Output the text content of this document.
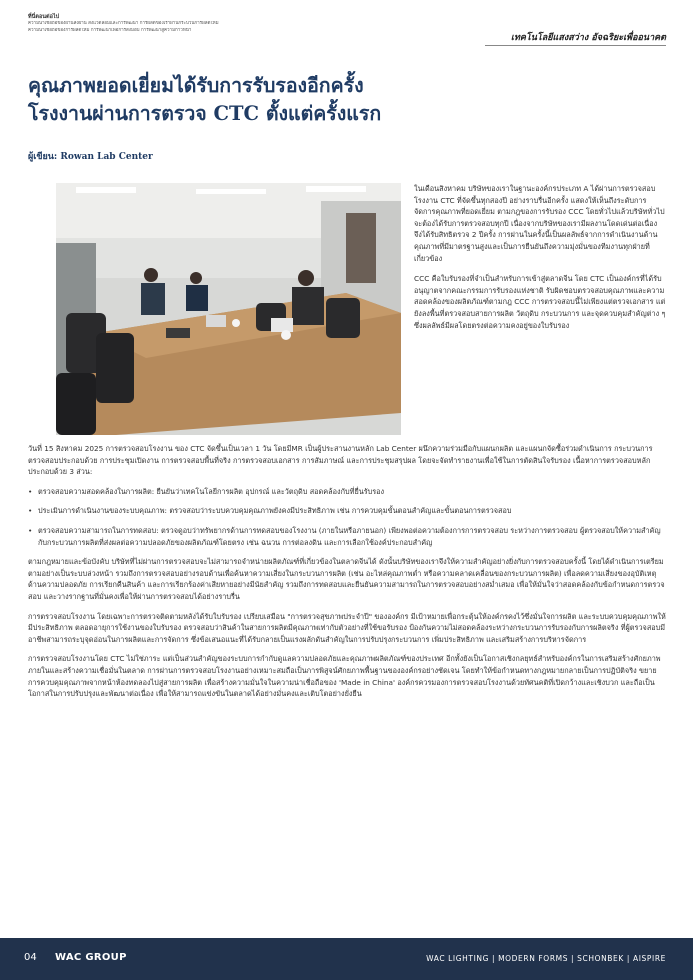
ที่นี่ตอนต่อไป
ความน่าเชื่อถือของผ่านสิ่งผ่าน สิ่งแวดล้อมและการพัฒนา การผลิตของเราผ่านกระบวนการผลิตใหม่
ความน่าเชื่อถือของการผลิตใหม่ การพัฒนาเพื่อการส่งมอบ การพัฒนาสู่ความก้าวหน้า
เทคโนโลยีแสงสว่าง อัจฉริยะเพื่ออนาคต
คุณภาพยอดเยี่ยมได้รับการรับรองอีกครั้ง
โรงงานผ่านการตรวจ CTC ตั้งแต่ครั้งแรก
ผู้เขียน: Rowan Lab Center

ในเดือนสิงหาคม บริษัทของเราในฐานะองค์กรประเภท A ได้ผ่านการตรวจสอบโรงงาน CTC ที่จัดขึ้นทุกสองปี อย่างราบรื่นอีกครั้ง แสดงให้เห็นถึงระดับการจัดการคุณภาพที่ยอดเยี่ยม ตามกฎของการรับรอง CCC โดยทั่วไปแล้วบริษัททั่วไปจะต้องได้รับการตรวจสอบทุกปี เนื่องจากบริษัทของเรามีผลงานโดดเด่นต่อเนื่อง จึงได้รับสิทธิตรวจ 2 ปีครั้ง การผ่านในครั้งนี้เป็นผลลัพธ์จากการดำเนินงานด้านคุณภาพที่มีมาตรฐานสูงและเป็นการยืนยันถึงความมุ่งมั่นของทีมงานทุกฝ่ายที่เกี่ยวข้อง

CCC คือใบรับรองที่จำเป็นสำหรับการเข้าสู่ตลาดจีน โดย CTC เป็นองค์กรที่ได้รับอนุญาตจากคณะกรรมการรับรองแห่งชาติ รับผิดชอบตรวจสอบคุณภาพและความสอดคล้องของผลิตภัณฑ์ตามกฎ CCC การตรวจสอบนี้ไม่เพียงแต่ตรวจเอกสาร แต่ยังลงพื้นที่ตรวจสอบสายการผลิต วัตถุดิบ กระบวนการ และจุดควบคุมสำคัญต่าง ๆ ซึ่งผลลัพธ์มีผลโดยตรงต่อความคงอยู่ของใบรับรอง

วันที่ 15 สิงหาคม 2025 การตรวจสอบโรงงาน ของ CTC จัดขึ้นเป็นเวลา 1 วัน โดยมีMR เป็นผู้ประสานงานหลัก Lab Center ผนึกความร่วมมือกับแผนกผลิต และแผนกจัดซื้อร่วมดำเนินการ กระบวนการตรวจสอบประกอบด้วย การประชุมเปิดงาน การตรวจสอบพื้นที่จริง การตรวจสอบเอกสาร การสัมภาษณ์ และการประชุมสรุปผล โดยจะจัดทำรายงานเพื่อใช้ในการตัดสินใจรับรอง เนื้อหาการตรวจสอบหลักประกอบด้วย 3 ส่วน:

• ตรวจสอบความสอดคล้องในการผลิต: ยืนยันว่าเทคโนโลยีการผลิต อุปกรณ์ และวัตถุดิบ สอดคล้องกับที่ยื่นรับรอง

• ประเมินการดำเนินงานของระบบคุณภาพ: ตรวจสอบว่าระบบควบคุมคุณภาพยังคงมีประสิทธิภาพ เช่น การควบคุมขั้นตอนสำคัญและขั้นตอนการตรวจสอบ

• ตรวจสอบความสามารถในการทดสอบ: ตรวจดูอบว่าทรัพยากรด้านการทดสอบของโรงงาน (ภายในหรือภายนอก) เพียงพอต่อความต้องการการตรวจสอบ ระหว่างการตรวจสอบ ผู้ตรวจสอบให้ความสำคัญกับกระบวนการผลิตที่ส่งผลต่อความปลอดภัยของผลิตภัณฑ์โดยตรง เช่น ฉนวน การต่อลงดิน และการเลือกใช้องค์ประกอบสำคัญ

ตามกฎหมายและข้อบังคับ บริษัทที่ไม่ผ่านการตรวจสอบจะไม่สามารถจำหน่ายผลิตภัณฑ์ที่เกี่ยวข้องในตลาดจีนได้ ดังนั้นบริษัทของเราจึงให้ความสำคัญอย่างยิ่งกับการตรวจสอบครั้งนี้ โดยได้ดำเนินการเตรียมตามอย่างเป็นระบบล่วงหน้า รวมถึงการตรวจสอบอย่างรอบด้านเพื่อค้นหาความเสี่ยงในกระบวนการผลิต (เช่น อะไหล่คุณภาพต่ำ หรือความคลาดเคลื่อนของกระบวนการผลิต) เพื่อลดความเสี่ยงของอุบัติเหตุด้านความปลอดภัย การเรียกคืนสินค้า และการเรียกร้องค่าเสียหายอย่างมีนัยสำคัญ รวมถึงการทดสอบและยืนยันความสามารถในการตรวจสอบอย่างสม่ำเสมอ เพื่อให้มั่นใจว่าสอดคล้องกับข้อกำหนดการตรวจสอบ และวางรากฐานที่มั่นคงเพื่อให้ผ่านการตรวจสอบได้อย่างราบรื่น

การตรวจสอบโรงงาน โดยเฉพาะการตรวจติดตามหลังได้รับใบรับรอง เปรียบเสมือน "การตรวจสุขภาพประจำปี" ขององค์กร มีเป้าหมายเพื่อกระตุ้นให้องค์กรคงไว้ซึ่งมั่นใจการผลิต และระบบควบคุมคุณภาพให้มีประสิทธิภาพ ตลอดอายุการใช้งานของใบรับรอง ตรวจสอบว่าสินค้าในสายการผลิตมีคุณภาพเท่ากับตัวอย่างที่ใช้ขอรับรอง ป้องกันความไม่สอดคล้องระหว่างกระบวนการรับรองกับการผลิตจริง ที่ผู้ตรวจสอบมีอาชีพสามารถระบุจุดอ่อนในการผลิตและการจัดการ ซึ่งข้อเสนอแนะที่ได้รับกลายเป็นแรงผลักดันสำคัญในการปรับปรุงกระบวนการ เพิ่มประสิทธิภาพ และเสริมสร้างการบริหารจัดการ

การตรวจสอบโรงงานโดย CTC ไม่ใช่ภาระ แต่เป็นส่วนสำคัญของระบบการกำกับดูแลความปลอดภัยและคุณภาพผลิตภัณฑ์ของประเทศ อีกทั้งยังเป็นโอกาสเชิงกลยุทธ์สำหรับองค์กรในการเสริมสร้างศักยภาพภายในและสร้างความเชื่อมั่นในตลาด การผ่านการตรวจสอบโรงงานอย่างเหมาะสมถือเป็นการพิสูจน์ศักยภาพพื้นฐานขององค์กรอย่างชัดเจน โดยทำให้ข้อกำหนดทางกฎหมายกลายเป็นการปฏิบัติจริง ขยายการควบคุมคุณภาพจากหน้าห้องทดลองไปสู่สายการผลิต เพื่อสร้างความมั่นใจในความน่าเชื่อถือของ 'Made in China' องค์กรควรมองการตรวจสอบโรงงานด้วยทัศนคติที่เปิดกว้างและเชิงบวก และถือเป็นโอกาสในการปรับปรุงและพัฒนาต่อเนื่อง เพื่อให้สามารถแข่งขันในตลาดได้อย่างมั่นคงและเติบโตอย่างยั่งยืน

04 WAC GROUP	WAC LIGHTING | MODERN FORMS | SCHONBEK | AISPIRE
